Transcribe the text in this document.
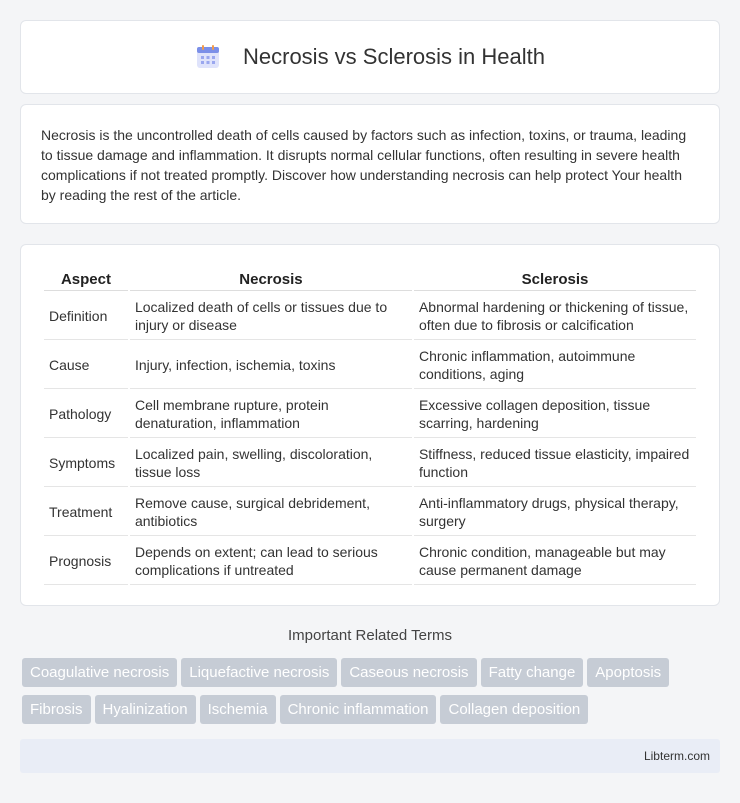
Necrosis vs Sclerosis in Health

Necrosis is the uncontrolled death of cells caused by factors such as infection, toxins, or trauma, leading to tissue damage and inflammation. It disrupts normal cellular functions, often resulting in severe health complications if not treated promptly. Discover how understanding necrosis can help protect Your health by reading the rest of the article.

Aspect	Necrosis	Sclerosis
Definition	Localized death of cells or tissues due to injury or disease	Abnormal hardening or thickening of tissue, often due to fibrosis or calcification
Cause	Injury, infection, ischemia, toxins	Chronic inflammation, autoimmune conditions, aging
Pathology	Cell membrane rupture, protein denaturation, inflammation	Excessive collagen deposition, tissue scarring, hardening
Symptoms	Localized pain, swelling, discoloration, tissue loss	Stiffness, reduced tissue elasticity, impaired function
Treatment	Remove cause, surgical debridement, antibiotics	Anti-inflammatory drugs, physical therapy, surgery
Prognosis	Depends on extent; can lead to serious complications if untreated	Chronic condition, manageable but may cause permanent damage
Important Related Terms
Coagulative necrosis Liquefactive necrosis Caseous necrosis Fatty change Apoptosis
Fibrosis Hyalinization Ischemia Chronic inflammation Collagen deposition
Libterm.com
